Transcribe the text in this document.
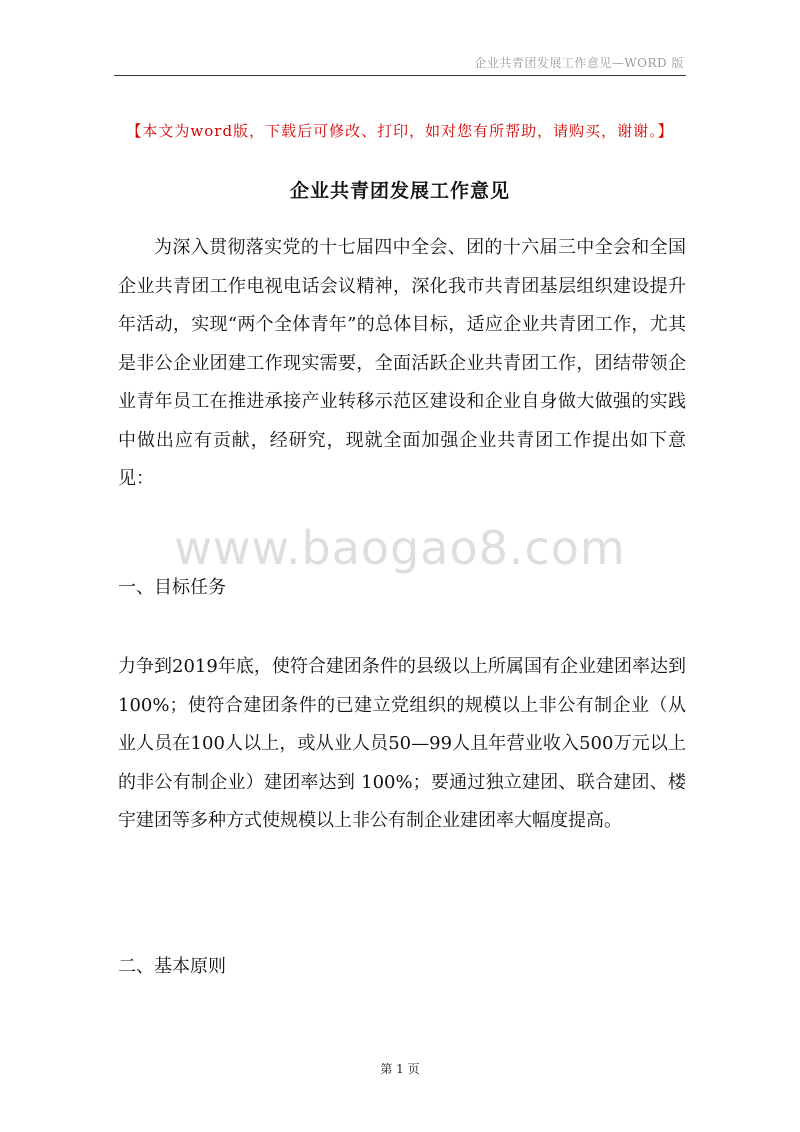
企业共青团发展工作意见—WORD 版
【本文为word版，下载后可修改、打印，如对您有所帮助，请购买，谢谢。】
企业共青团发展工作意见
为深入贯彻落实党的十七届四中全会、团的十六届三中全会和全国企业共青团工作电视电话会议精神，深化我市共青团基层组织建设提升年活动，实现“两个全体青年”的总体目标，适应企业共青团工作，尤其是非公企业团建工作现实需要，全面活跃企业共青团工作，团结带领企业青年员工在推进承接产业转移示范区建设和企业自身做大做强的实践中做出应有贡献，经研究，现就全面加强企业共青团工作提出如下意见：
www.baogao8.com
一、目标任务
力争到2019年底，使符合建团条件的县级以上所属国有企业建团率达到 100%；使符合建团条件的已建立党组织的规模以上非公有制企业（从业人员在100人以上，或从业人员50—99人且年营业收入500万元以上的非公有制企业）建团率达到 100%；要通过独立建团、联合建团、楼宇建团等多种方式使规模以上非公有制企业建团率大幅度提高。
二、基本原则
第 1 页
